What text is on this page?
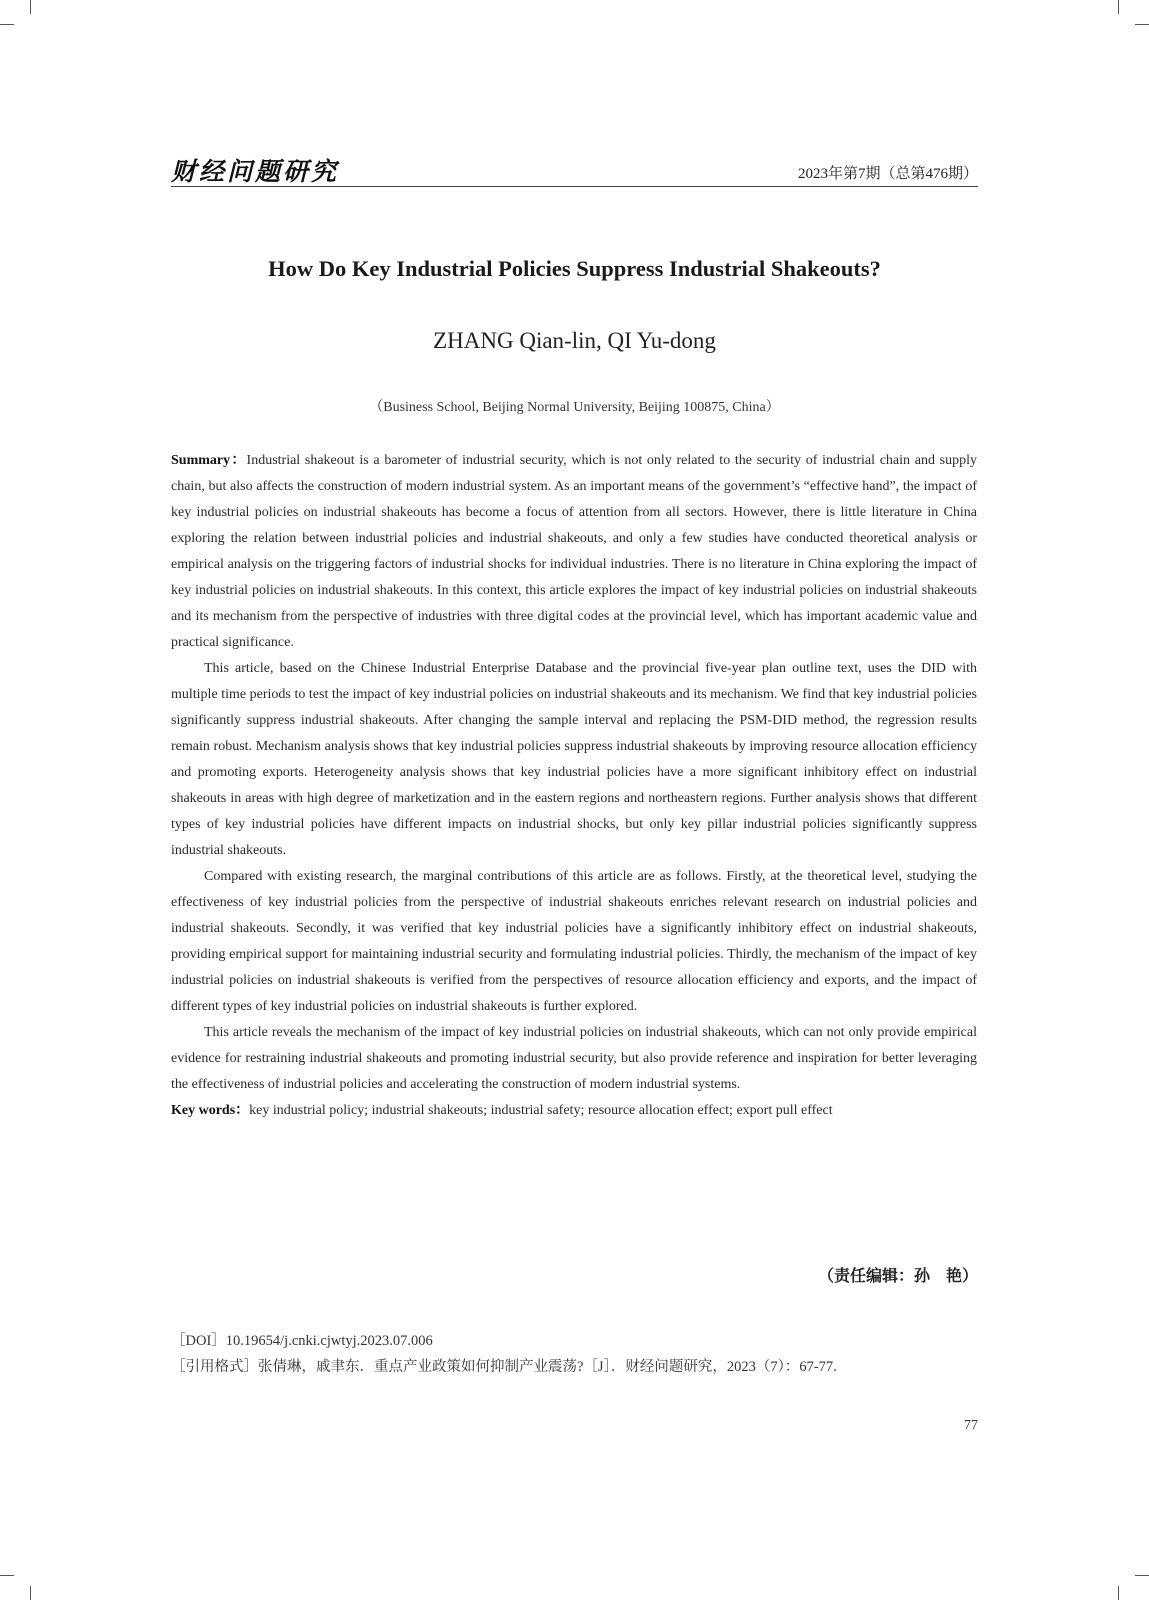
财经问题研究	2023年第7期（总第476期）
How Do Key Industrial Policies Suppress Industrial Shakeouts?
ZHANG Qian-lin, QI Yu-dong
（Business School, Beijing Normal University, Beijing 100875, China）

Summary：Industrial shakeout is a barometer of industrial security, which is not only related to the security of industrial chain and supply chain, but also affects the construction of modern industrial system. As an important means of the government’s “effective hand”, the impact of key industrial policies on industrial shakeouts has become a focus of attention from all sectors. However, there is little literature in China exploring the relation between industrial policies and industrial shakeouts, and only a few studies have conducted theoretical analysis or empirical analysis on the triggering factors of industrial shocks for individual industries. There is no literature in China exploring the impact of key industrial policies on industrial shakeouts. In this context, this article explores the impact of key industrial policies on industrial shakeouts and its mechanism from the perspective of industries with three digital codes at the provincial level, which has important academic value and practical significance.

This article, based on the Chinese Industrial Enterprise Database and the provincial five-year plan outline text, uses the DID with multiple time periods to test the impact of key industrial policies on industrial shakeouts and its mechanism. We find that key industrial policies significantly suppress industrial shakeouts. After changing the sample interval and replacing the PSM-DID method, the regression results remain robust. Mechanism analysis shows that key industrial policies suppress industrial shakeouts by improving resource allocation efficiency and promoting exports. Heterogeneity analysis shows that key industrial policies have a more significant inhibitory effect on industrial shakeouts in areas with high degree of marketization and in the eastern regions and northeastern regions. Further analysis shows that different types of key industrial policies have different impacts on industrial shocks, but only key pillar industrial policies significantly suppress industrial shakeouts.

Compared with existing research, the marginal contributions of this article are as follows. Firstly, at the theoretical level, studying the effectiveness of key industrial policies from the perspective of industrial shakeouts enriches relevant research on industrial policies and industrial shakeouts. Secondly, it was verified that key industrial policies have a significantly inhibitory effect on industrial shakeouts, providing empirical support for maintaining industrial security and formulating industrial policies. Thirdly, the mechanism of the impact of key industrial policies on industrial shakeouts is verified from the perspectives of resource allocation efficiency and exports, and the impact of different types of key industrial policies on industrial shakeouts is further explored.

This article reveals the mechanism of the impact of key industrial policies on industrial shakeouts, which can not only provide empirical evidence for restraining industrial shakeouts and promoting industrial security, but also provide reference and inspiration for better leveraging the effectiveness of industrial policies and accelerating the construction of modern industrial systems.

Key words：key industrial policy; industrial shakeouts; industrial safety; resource allocation effect; export pull effect

（责任编辑：孙　艳）
［DOI］10.19654/j.cnki.cjwtyj.2023.07.006
［引用格式］张倩琳，戚聿东．重点产业政策如何抑制产业震荡?［J］．财经问题研究，2023（7）：67-77.
77
